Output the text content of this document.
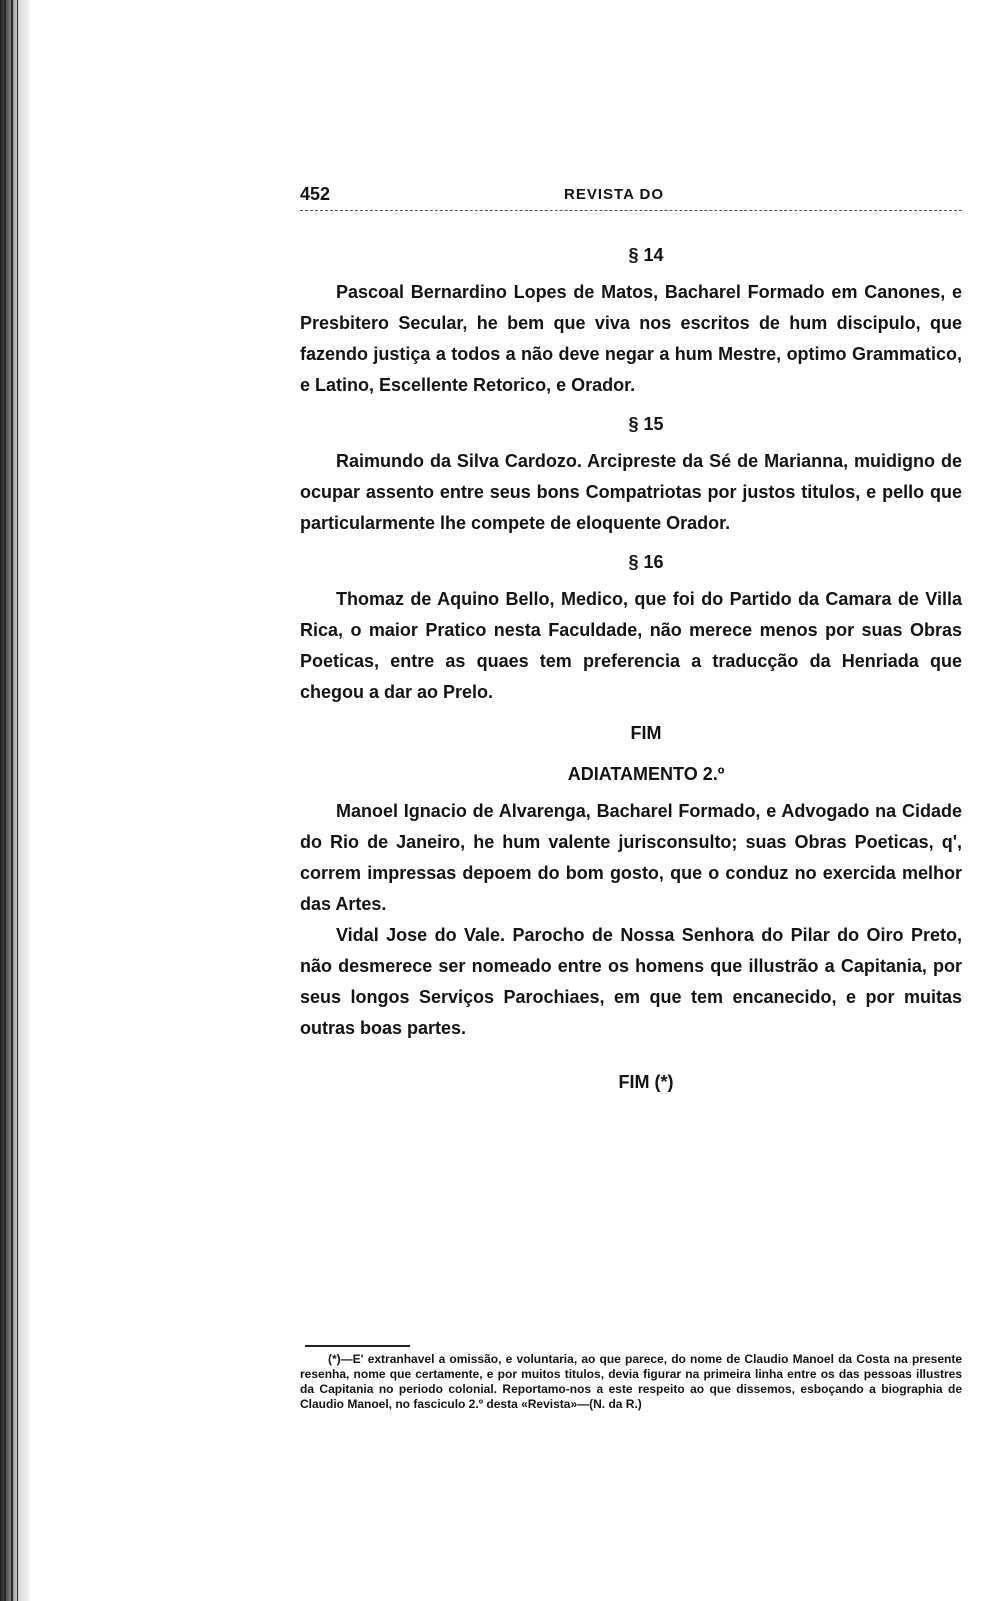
452	REVISTA DO
§ 14

Pascoal Bernardino Lopes de Matos, Bacharel Formado em Canones, e Presbitero Secular, he bem que viva nos escritos de hum discipulo, que fazendo justiça a todos a não deve negar a hum Mestre, optimo Grammatico, e Latino, Escellente Retorico, e Orador.

§ 15

Raimundo da Silva Cardozo. Arcipreste da Sé de Marianna, muidigno de ocupar assento entre seus bons Compatriotas por justos titulos, e pello que particularmente lhe compete de eloquente Orador.

§ 16

Thomaz de Aquino Bello, Medico, que foi do Partido da Camara de Villa Rica, o maior Pratico nesta Faculdade, não merece menos por suas Obras Poeticas, entre as quaes tem preferencia a traducção da Henriada que chegou a dar ao Prelo.

FIM
ADIATAMENTO 2.º

Manoel Ignacio de Alvarenga, Bacharel Formado, e Advogado na Cidade do Rio de Janeiro, he hum valente jurisconsulto; suas Obras Poeticas, q', correm impressas depoem do bom gosto, que o conduz no exercida melhor das Artes.

Vidal Jose do Vale. Parocho de Nossa Senhora do Pilar do Oiro Preto, não desmerece ser nomeado entre os homens que illustrão a Capitania, por seus longos Serviços Parochiaes, em que tem encanecido, e por muitas outras boas partes.

FIM (*)

(*)—E' extranhavel a omissão, e voluntaria, ao que parece, do nome de Claudio Manoel da Costa na presente resenha, nome que certamente, e por muitos titulos, devia figurar na primeira linha entre os das pessoas illustres da Capitania no periodo colonial. Reportamo-nos a este respeito ao que dissemos, esboçando a biographia de Claudio Manoel, no fasciculo 2.º desta «Revista»—(N. da R.)
